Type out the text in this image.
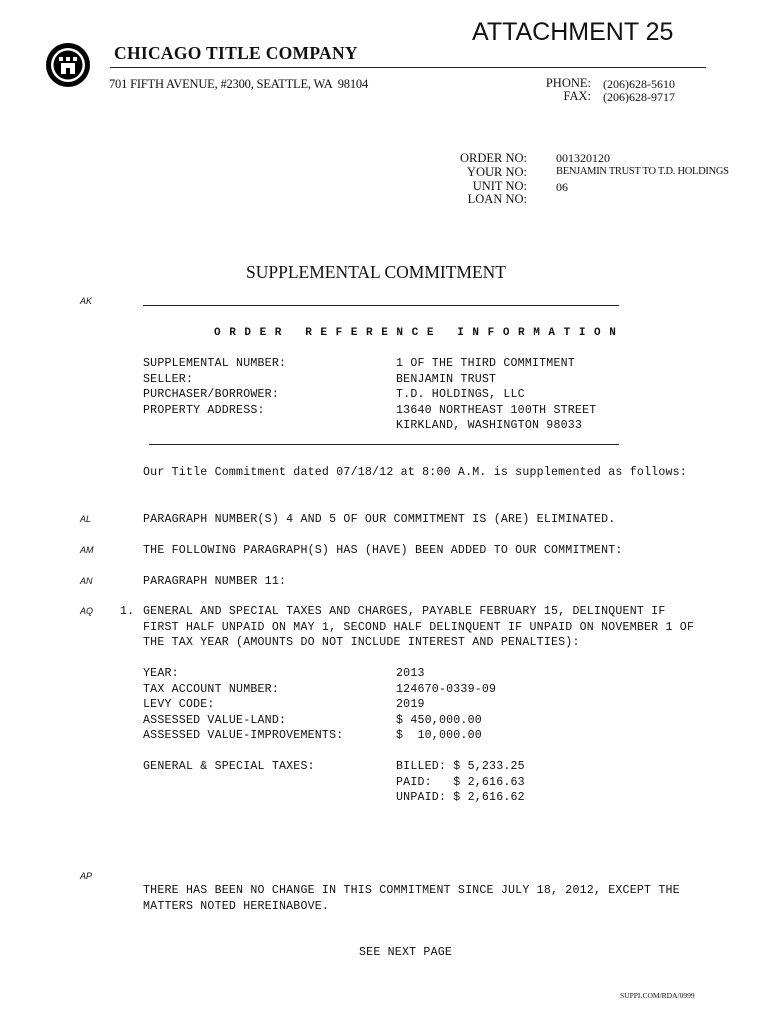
ATTACHMENT 25
CHICAGO TITLE COMPANY
701 FIFTH AVENUE, #2300, SEATTLE, WA  98104	PHONE: (206)628-5610
FAX: (206)628-9717
ORDER NO: 001320120
YOUR NO:	BENJAMIN TRUST TO T.D. HOLDINGS
UNIT NO: 06
LOAN NO:
SUPPLEMENTAL COMMITMENT
AK
ORDER REFERENCE INFORMATION
SUPPLEMENTAL NUMBER:	1 OF THE THIRD COMMITMENT
SELLER:	BENJAMIN TRUST
PURCHASER/BORROWER:	T.D. HOLDINGS, LLC
PROPERTY ADDRESS:	13640 NORTHEAST 100TH STREET
KIRKLAND, WASHINGTON 98033
Our Title Commitment dated 07/18/12 at 8:00 A.M. is supplemented as follows:
AL	PARAGRAPH NUMBER(S) 4 AND 5 OF OUR COMMITMENT IS (ARE) ELIMINATED.
AM	THE FOLLOWING PARAGRAPH(S) HAS (HAVE) BEEN ADDED TO OUR COMMITMENT:
AN	PARAGRAPH NUMBER 11:
AQ 1. GENERAL AND SPECIAL TAXES AND CHARGES, PAYABLE FEBRUARY 15, DELINQUENT IF
FIRST HALF UNPAID ON MAY 1, SECOND HALF DELINQUENT IF UNPAID ON NOVEMBER 1 OF
THE TAX YEAR (AMOUNTS DO NOT INCLUDE INTEREST AND PENALTIES):
YEAR:	2013
TAX ACCOUNT NUMBER:	124670-0339-09
LEVY CODE:	2019
ASSESSED VALUE-LAND:	$ 450,000.00
ASSESSED VALUE-IMPROVEMENTS:	$  10,000.00
GENERAL & SPECIAL TAXES:	BILLED: $ 5,233.25
PAID:   $ 2,616.63
UNPAID: $ 2,616.62
AP
THERE HAS BEEN NO CHANGE IN THIS COMMITMENT SINCE JULY 18, 2012, EXCEPT THE
MATTERS NOTED HEREINABOVE.
SEE NEXT PAGE
SUPPLCOM/RDA/0999
